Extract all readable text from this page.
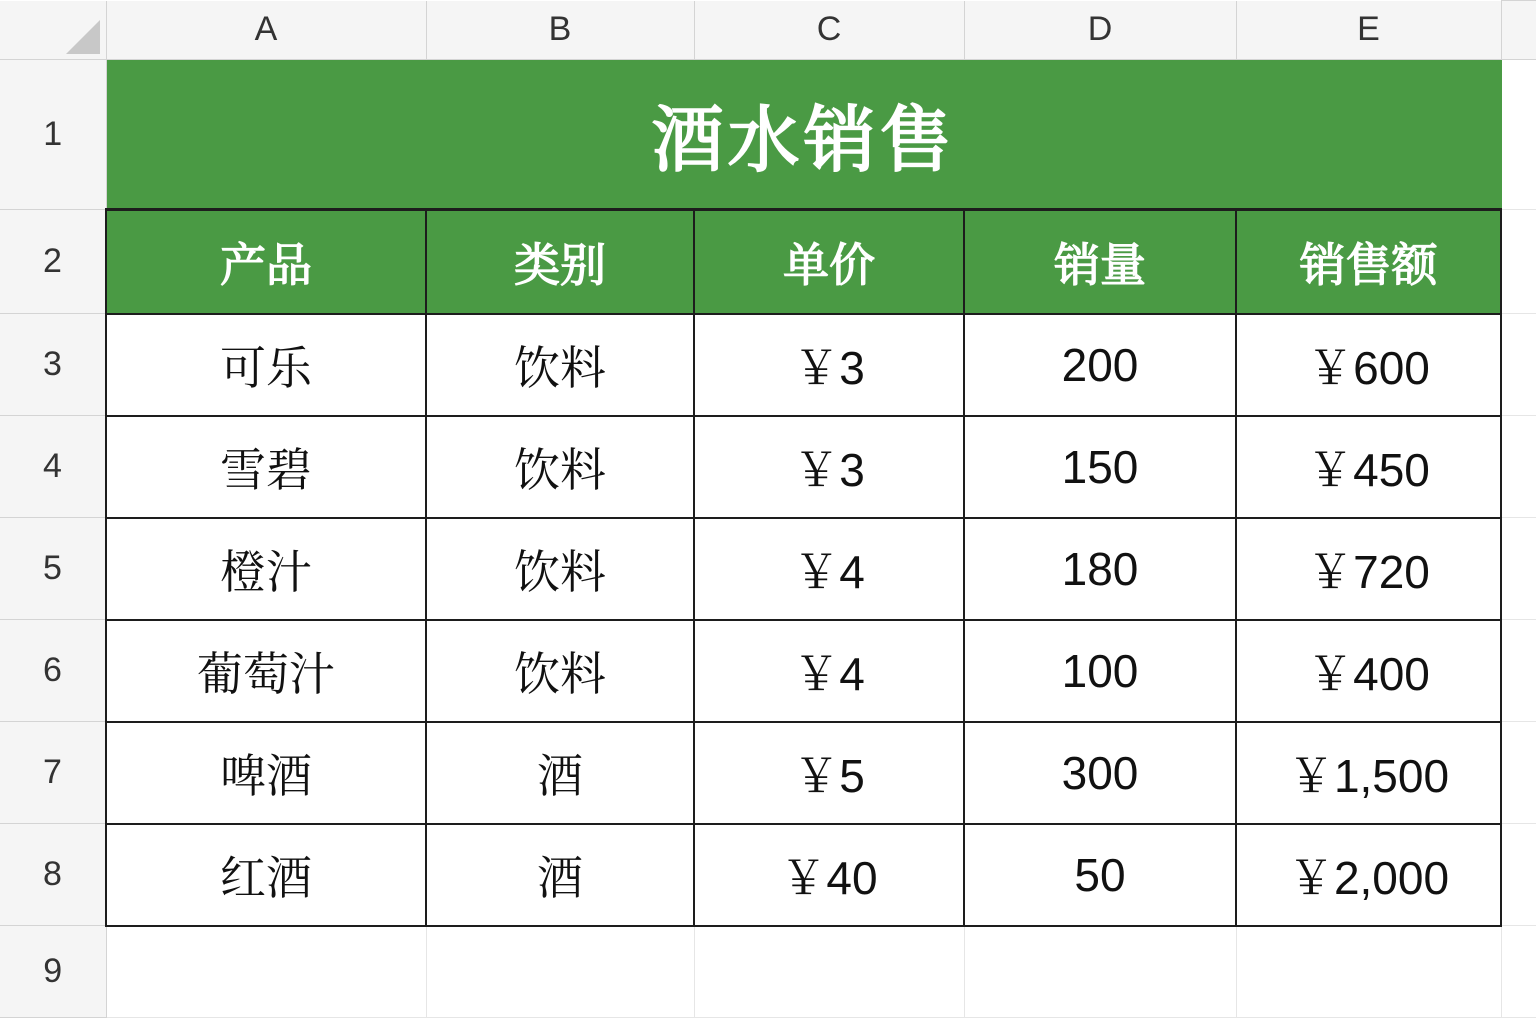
	A	B	C	D	E	
1	酒水销售					
2	产品	类别	单价	销量	销售额	
3	可乐	饮料	￥3	200	￥600	
4	雪碧	饮料	￥3	150	￥450	
5	橙汁	饮料	￥4	180	￥720	
6	葡萄汁	饮料	￥4	100	￥400	
7	啤酒	酒	￥5	300	￥1,500	
8	红酒	酒	￥40	50	￥2,000	
9						
